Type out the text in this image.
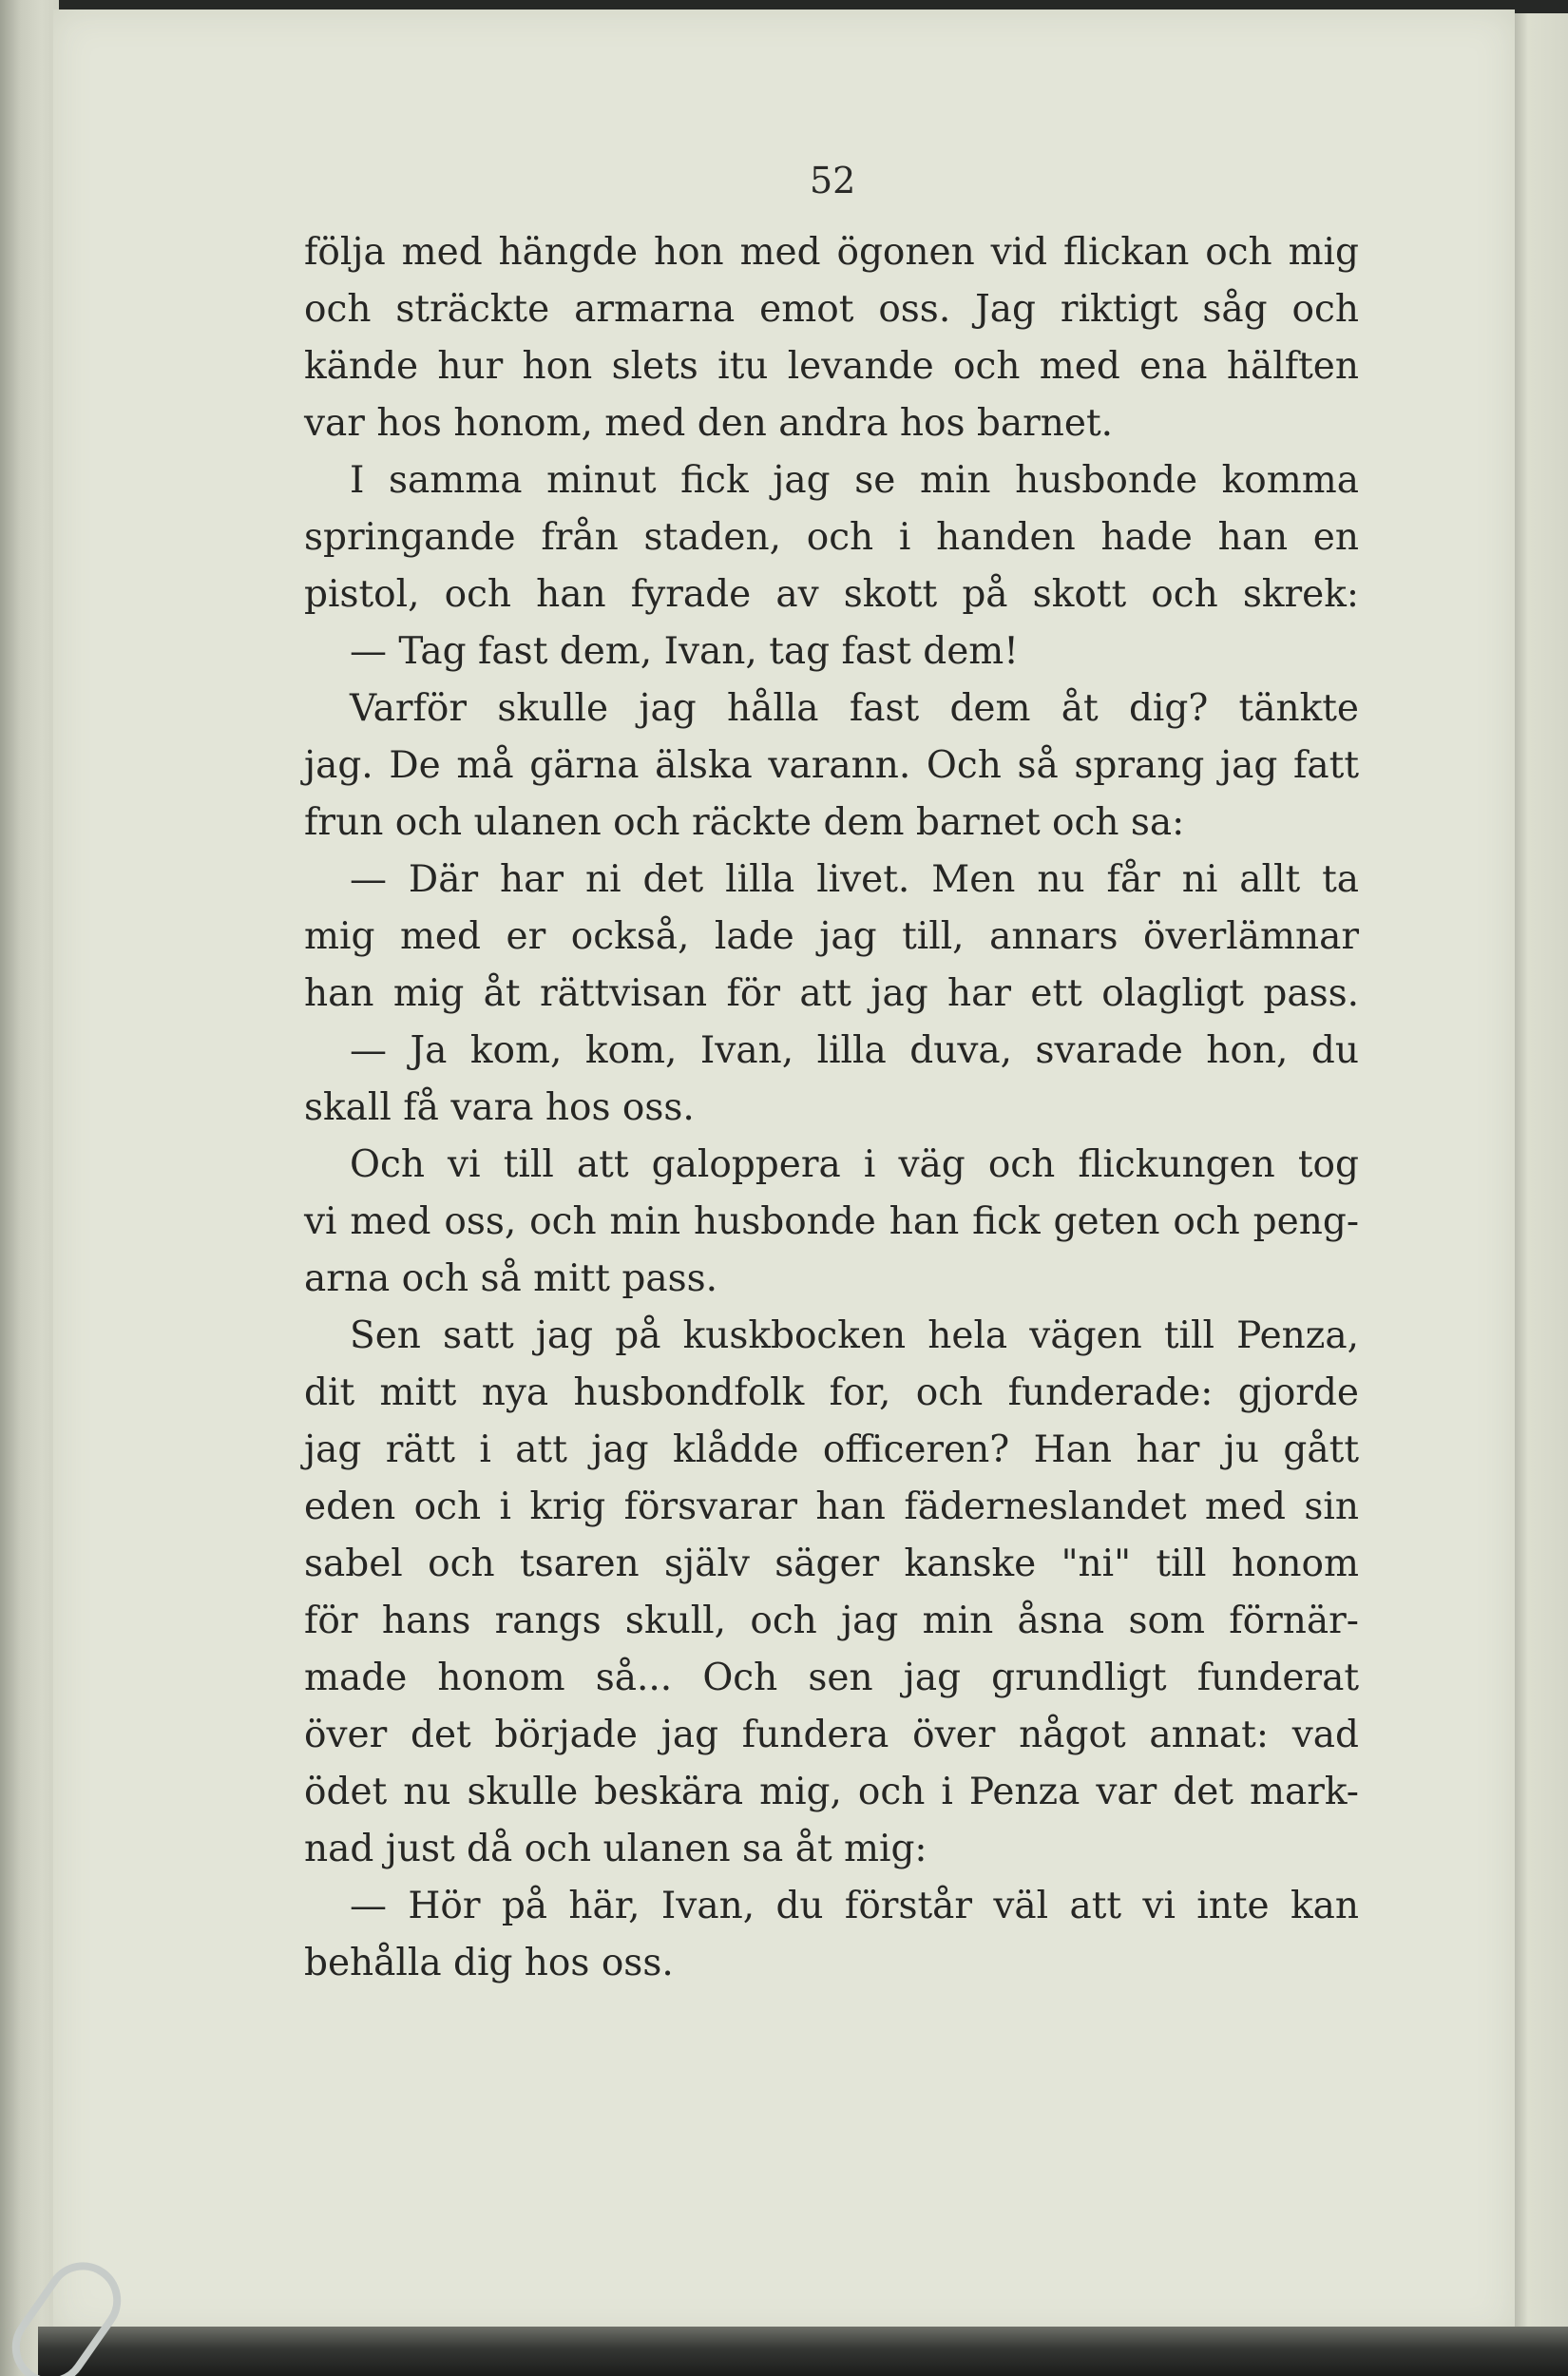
52
följa med hängde hon med ögonen vid flickan och mig
och sträckte armarna emot oss. Jag riktigt såg och
kände hur hon slets itu levande och med ena hälften
var hos honom, med den andra hos barnet.
I samma minut fick jag se min husbonde komma
springande från staden, och i handen hade han en
pistol, och han fyrade av skott på skott och skrek:
— Tag fast dem, Ivan, tag fast dem!
Varför skulle jag hålla fast dem åt dig? tänkte
jag. De må gärna älska varann. Och så sprang jag fatt
frun och ulanen och räckte dem barnet och sa:
— Där har ni det lilla livet. Men nu får ni allt ta
mig med er också, lade jag till, annars överlämnar
han mig åt rättvisan för att jag har ett olagligt pass.
— Ja kom, kom, Ivan, lilla duva, svarade hon, du
skall få vara hos oss.
Och vi till att galoppera i väg och flickungen tog
vi med oss, och min husbonde han fick geten och peng-
arna och så mitt pass.
Sen satt jag på kuskbocken hela vägen till Penza,
dit mitt nya husbondfolk for, och funderade: gjorde
jag rätt i att jag klådde officeren? Han har ju gått
eden och i krig försvarar han fäderneslandet med sin
sabel och tsaren själv säger kanske "ni" till honom
för hans rangs skull, och jag min åsna som förnär-
made honom så... Och sen jag grundligt funderat
över det började jag fundera över något annat: vad
ödet nu skulle beskära mig, och i Penza var det mark-
nad just då och ulanen sa åt mig:
— Hör på här, Ivan, du förstår väl att vi inte kan
behålla dig hos oss.
